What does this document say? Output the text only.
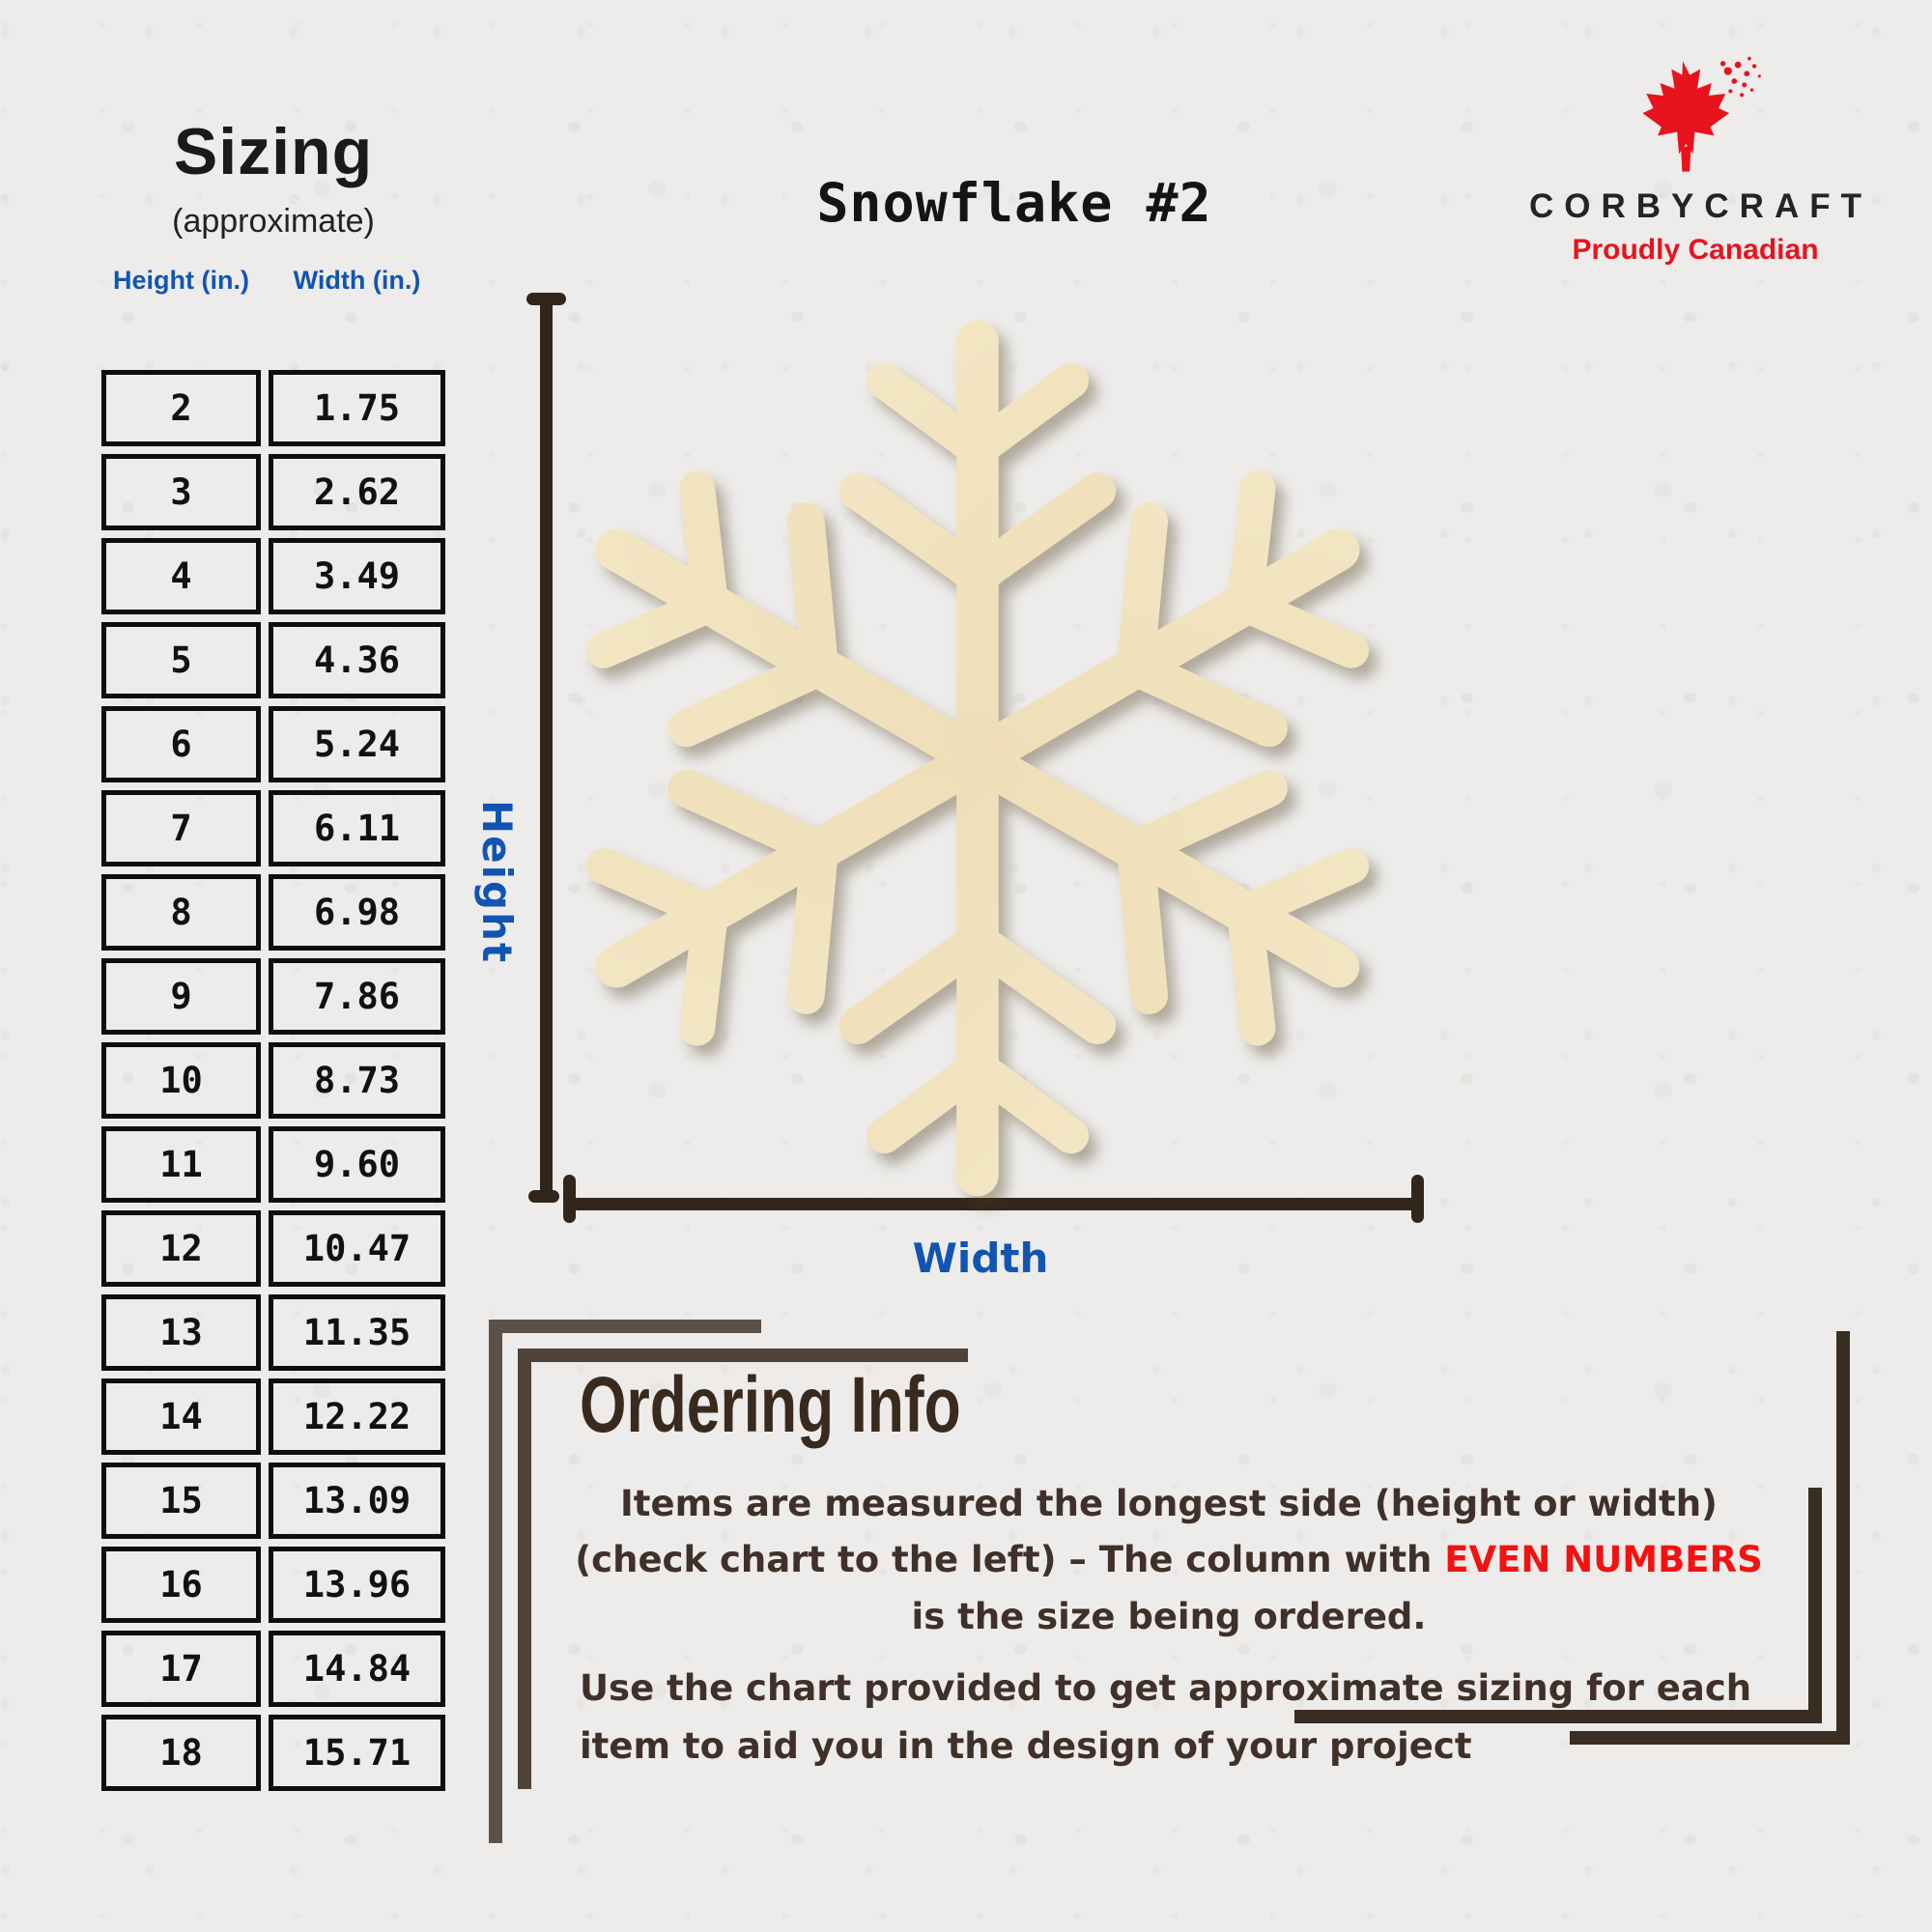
Sizing
(approximate)
Height (in.)	Width (in.)
2	1.75
3	2.62
4	3.49
5	4.36
6	5.24
7	6.11
8	6.98
9	7.86
10	8.73
11	9.60
12	10.47
13	11.35
14	12.22
15	13.09
16	13.96
17	14.84
18	15.71
Snowflake #2	CORBYCRAFT
Proudly Canadian
Height
Width
Ordering Info
Items are measured the longest side (height or width) (check chart to the left) – The column with EVEN NUMBERS is the size being ordered.
Use the chart provided to get approximate sizing for each item to aid you in the design of your project
